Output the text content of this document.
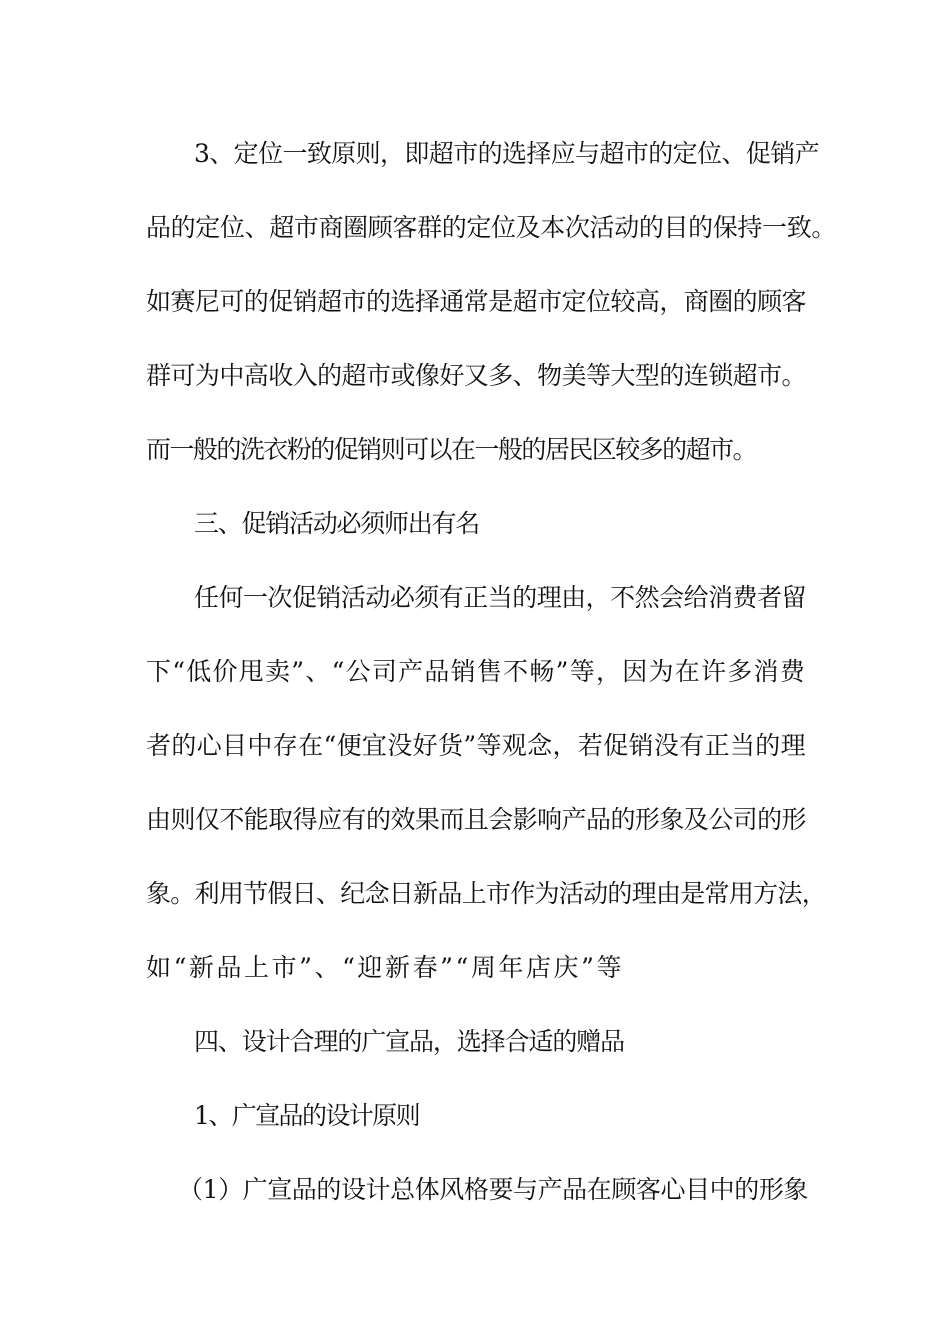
3、定位一致原则，即超市的选择应与超市的定位、促销产
品的定位、超市商圈顾客群的定位及本次活动的目的保持一致。
如赛尼可的促销超市的选择通常是超市定位较高，商圈的顾客
群可为中高收入的超市或像好又多、物美等大型的连锁超市。
而一般的洗衣粉的促销则可以在一般的居民区较多的超市。
三、促销活动必须师出有名
任何一次促销活动必须有正当的理由，不然会给消费者留
下“低价甩卖”、“公司产品销售不畅”等，因为在许多消费
者的心目中存在“便宜没好货”等观念，若促销没有正当的理
由则仅不能取得应有的效果而且会影响产品的形象及公司的形
象。利用节假日、纪念日新品上市作为活动的理由是常用方法，
如“新品上市”、“迎新春”“周年店庆”等
四、设计合理的广宣品，选择合适的赠品
1、广宣品的设计原则
（1）广宣品的设计总体风格要与产品在顾客心目中的形象
